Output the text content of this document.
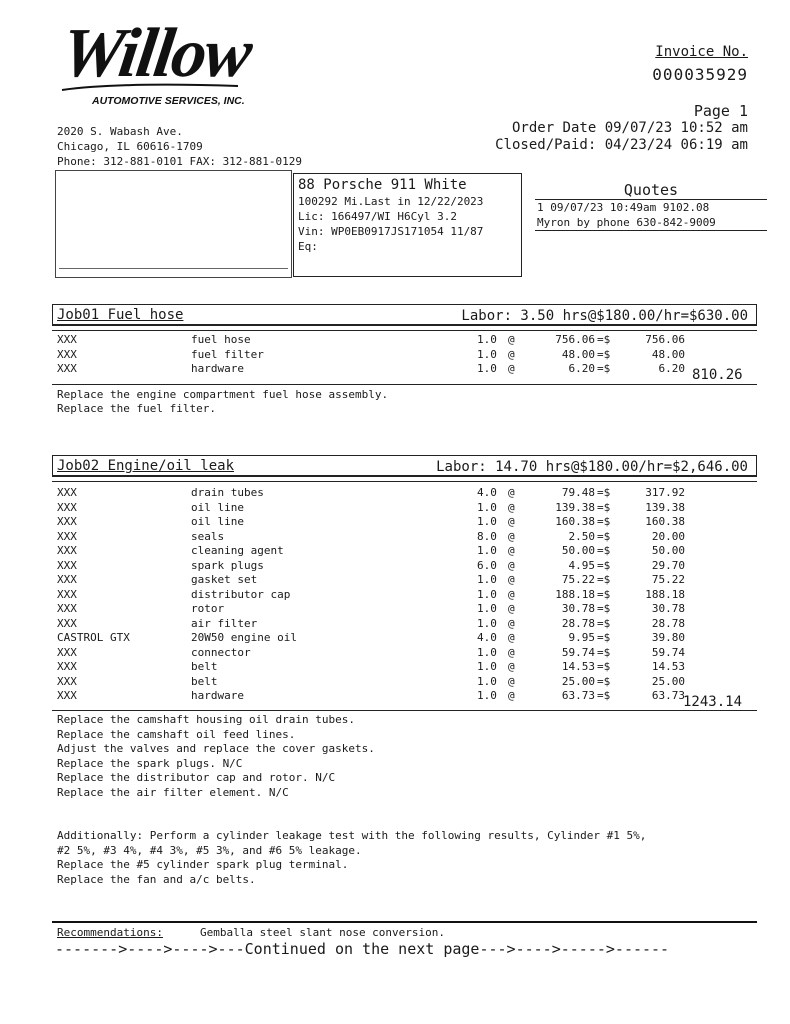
Willow
AUTOMOTIVE SERVICES, INC.
2020 S. Wabash Ave.
Chicago, IL 60616-1709
Phone: 312-881-0101 FAX: 312-881-0129
Invoice No.
000035929
Page 1
Order Date 09/07/23 10:52 am
Closed/Paid: 04/23/24 06:19 am
88 Porsche 911 White
100292 Mi.Last in 12/22/2023
Lic: 166497/WI H6Cyl 3.2
Vin: WP0EB0917JS171054 11/87
Eq:
Quotes
1 09/07/23 10:49am 9102.08
Myron by phone 630-842-9009
Job01 Fuel hose	Labor: 3.50 hrs@$180.00/hr=$630.00
XXX	fuel hose	1.0 @	756.06 =$	756.06
XXX	fuel filter	1.0 @	48.00 =$	48.00
XXX	hardware	1.0 @	6.20 =$	6.20 810.26
Replace the engine compartment fuel hose assembly.
Replace the fuel filter.
Job02 Engine/oil leak	Labor: 14.70 hrs@$180.00/hr=$2,646.00
XXX	drain tubes	4.0 @	79.48 =$	317.92
XXX	oil line	1.0 @	139.38 =$	139.38
XXX	oil line	1.0 @	160.38 =$	160.38
XXX	seals	8.0 @	2.50 =$	20.00
XXX	cleaning agent	1.0 @	50.00 =$	50.00
XXX	spark plugs	6.0 @	4.95 =$	29.70
XXX	gasket set	1.0 @	75.22 =$	75.22
XXX	distributor cap	1.0 @	188.18 =$	188.18
XXX	rotor	1.0 @	30.78 =$	30.78
XXX	air filter	1.0 @	28.78 =$	28.78
CASTROL GTX	20W50 engine oil	4.0 @	9.95 =$	39.80
XXX	connector	1.0 @	59.74 =$	59.74
XXX	belt	1.0 @	14.53 =$	14.53
XXX	belt	1.0 @	25.00 =$	25.00
XXX	hardware	1.0 @	63.73 =$	63.73
1243.14
Replace the camshaft housing oil drain tubes.
Replace the camshaft oil feed lines.
Adjust the valves and replace the cover gaskets.
Replace the spark plugs. N/C
Replace the distributor cap and rotor. N/C
Replace the air filter element. N/C
Additionally: Perform a cylinder leakage test with the following results, Cylinder #1 5%,
#2 5%, #3 4%, #4 3%, #5 3%, and #6 5% leakage.
Replace the #5 cylinder spark plug terminal.
Replace the fan and a/c belts.
Recommendations:	Gemballa steel slant nose conversion.
------->---->---->---Continued on the next page--->---->----->------
